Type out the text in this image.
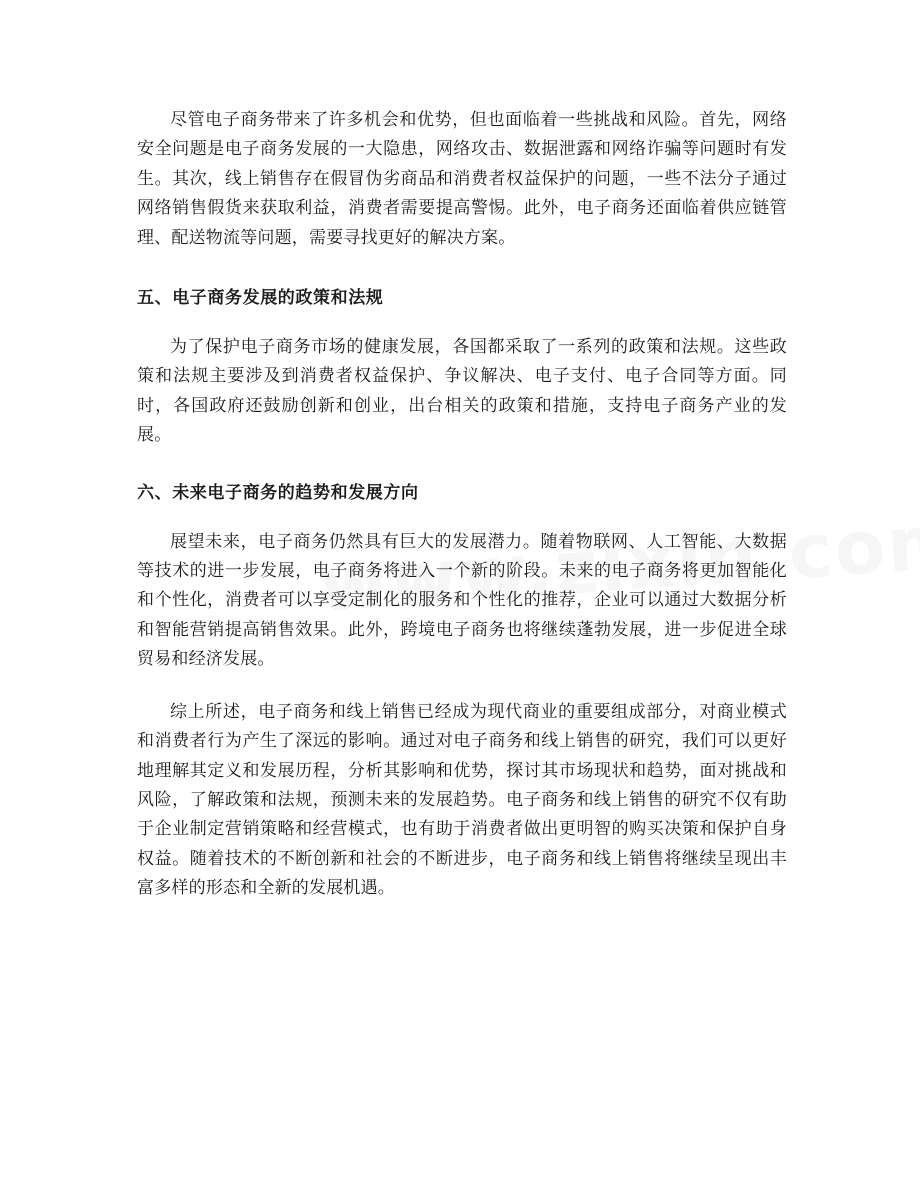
尽管电子商务带来了许多机会和优势，但也面临着一些挑战和风险。首先，网络安全问题是电子商务发展的一大隐患，网络攻击、数据泄露和网络诈骗等问题时有发生。其次，线上销售存在假冒伪劣商品和消费者权益保护的问题，一些不法分子通过网络销售假货来获取利益，消费者需要提高警惕。此外，电子商务还面临着供应链管理、配送物流等问题，需要寻找更好的解决方案。

五、电子商务发展的政策和法规

为了保护电子商务市场的健康发展，各国都采取了一系列的政策和法规。这些政策和法规主要涉及到消费者权益保护、争议解决、电子支付、电子合同等方面。同时，各国政府还鼓励创新和创业，出台相关的政策和措施，支持电子商务产业的发展。

六、未来电子商务的趋势和发展方向

展望未来，电子商务仍然具有巨大的发展潜力。随着物联网、人工智能、大数据等技术的进一步发展，电子商务将进入一个新的阶段。未来的电子商务将更加智能化和个性化，消费者可以享受定制化的服务和个性化的推荐，企业可以通过大数据分析和智能营销提高销售效果。此外，跨境电子商务也将继续蓬勃发展，进一步促进全球贸易和经济发展。

综上所述，电子商务和线上销售已经成为现代商业的重要组成部分，对商业模式和消费者行为产生了深远的影响。通过对电子商务和线上销售的研究，我们可以更好地理解其定义和发展历程，分析其影响和优势，探讨其市场现状和趋势，面对挑战和风险，了解政策和法规，预测未来的发展趋势。电子商务和线上销售的研究不仅有助于企业制定营销策略和经营模式，也有助于消费者做出更明智的购买决策和保护自身权益。随着技术的不断创新和社会的不断进步，电子商务和线上销售将继续呈现出丰富多样的形态和全新的发展机遇。
